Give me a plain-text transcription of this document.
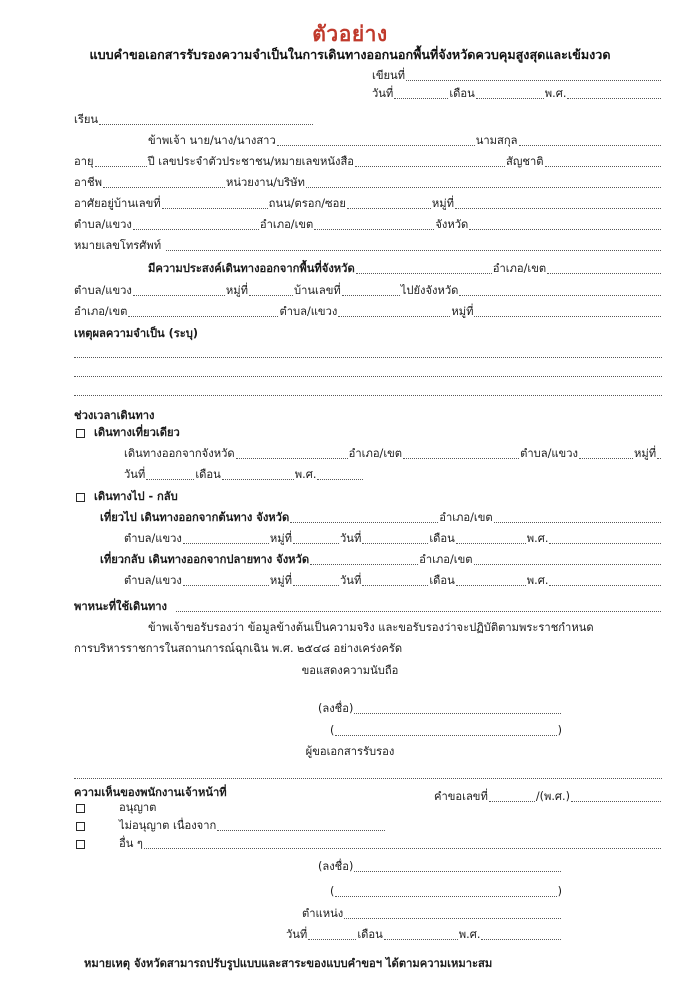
ตัวอย่าง
แบบคำขอเอกสารรับรองความจำเป็นในการเดินทางออกนอกพื้นที่จังหวัดควบคุมสูงสุดและเข้มงวด
เขียนที่
วันที่	เดือน	พ.ศ.
เรียน
ข้าพเจ้า นาย/นาง/นางสาว	นามสกุล
อายุ	ปี เลขประจำตัวประชาชน/หมายเลขหนังสือ	สัญชาติ
อาชีพ	หน่วยงาน/บริษัท
อาศัยอยู่บ้านเลขที่	ถนน/ตรอก/ซอย	หมู่ที่
ตำบล/แขวง	อำเภอ/เขต	จังหวัด
หมายเลขโทรศัพท์
มีความประสงค์เดินทางออกจากพื้นที่จังหวัด	อำเภอ/เขต
ตำบล/แขวง	หมู่ที่	บ้านเลขที่	ไปยังจังหวัด
อำเภอ/เขต	ตำบล/แขวง	หมู่ที่
เหตุผลความจำเป็น (ระบุ)
ช่วงเวลาเดินทาง
เดินทางเที่ยวเดียว
เดินทางออกจากจังหวัด	อำเภอ/เขต	ตำบล/แขวง	หมู่ที่
วันที่	เดือน	พ.ศ.
เดินทางไป - กลับ
เที่ยวไป เดินทางออกจากต้นทาง จังหวัด	อำเภอ/เขต
ตำบล/แขวง	หมู่ที่	วันที่	เดือน	พ.ศ.
เที่ยวกลับ เดินทางออกจากปลายทาง จังหวัด	อำเภอ/เขต
ตำบล/แขวง	หมู่ที่	วันที่	เดือน	พ.ศ.
พาหนะที่ใช้เดินทาง
ข้าพเจ้าขอรับรองว่า ข้อมูลข้างต้นเป็นความจริง และขอรับรองว่าจะปฏิบัติตามพระราชกำหนด
การบริหารราชการในสถานการณ์ฉุกเฉิน พ.ศ. ๒๕๔๘ อย่างเคร่งครัด
ขอแสดงความนับถือ
(ลงชื่อ)
(	)
ผู้ขอเอกสารรับรอง
ความเห็นของพนักงานเจ้าหน้าที่	คำขอเลขที่	/(พ.ศ.)
อนุญาต
ไม่อนุญาต เนื่องจาก
อื่น ๆ
(ลงชื่อ)
(	)
ตำแหน่ง
วันที่	เดือน	พ.ศ.
หมายเหตุ จังหวัดสามารถปรับรูปแบบและสาระของแบบคำขอฯ ได้ตามความเหมาะสม
